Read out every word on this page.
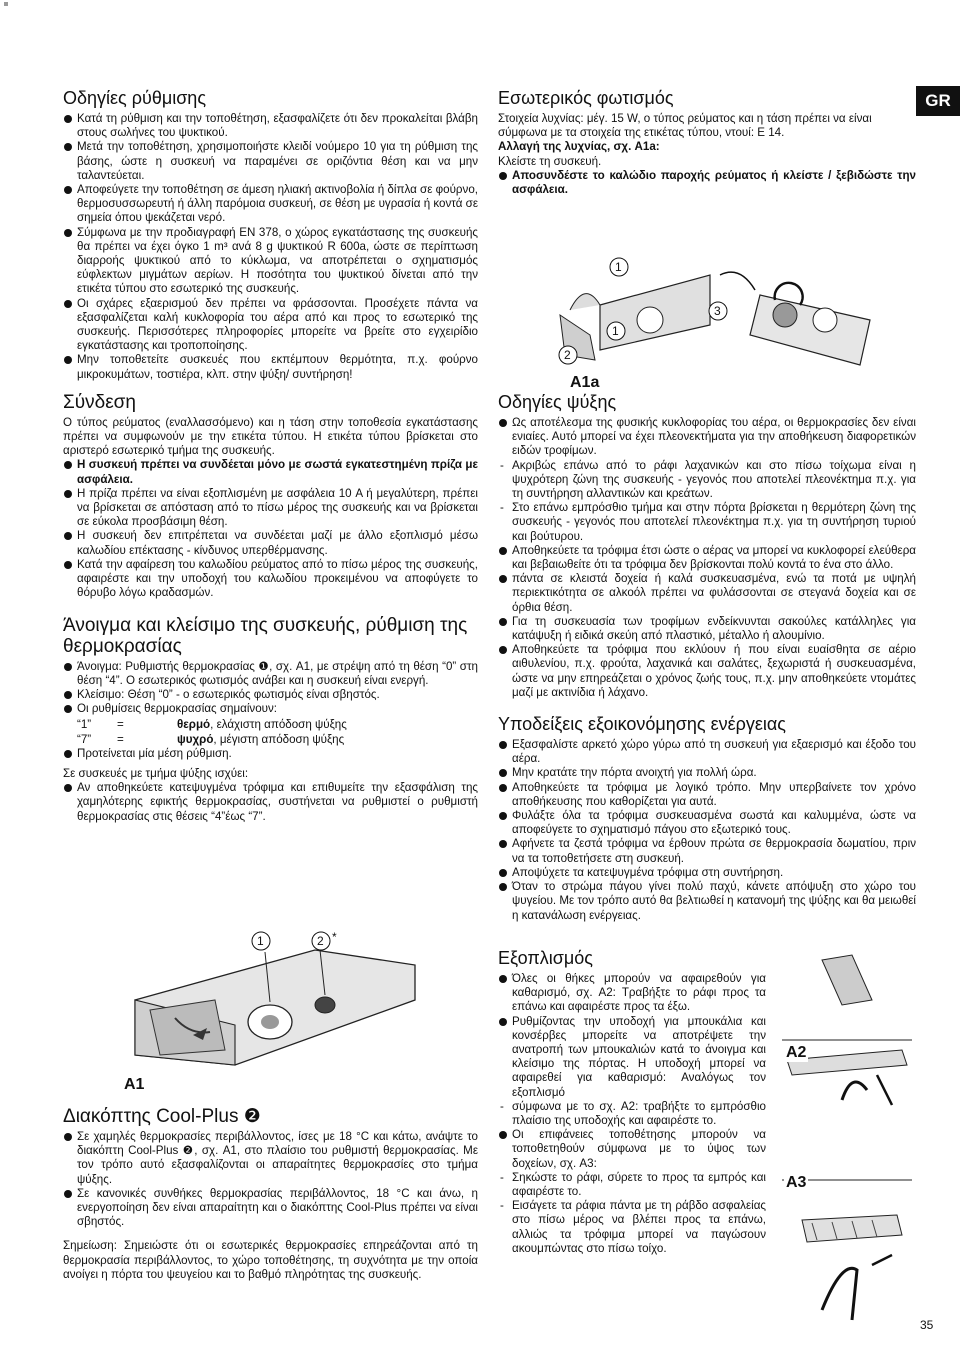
GR
Οδηγίες ρύθμισης
Κατά τη ρύθμιση και την τοποθέτηση, εξασφαλίζετε ότι δεν προκαλείται βλάβη στους σωλήνες του ψυκτικού.
Μετά την τοποθέτηση, χρησιμοποιήστε κλειδί νούμερο 10 για τη ρύθμιση της βάσης, ώστε η συσκευή να παραμένει σε οριζόντια θέση και να μην ταλαντεύεται.
Αποφεύγετε την τοποθέτηση σε άμεση ηλιακή ακτινοβολία ή δίπλα σε φούρνο, θερμοσυσσωρευτή ή άλλη παρόμοια συσκευή, σε θέση με υγρασία ή κοντά σε σημεία όπου ψεκάζεται νερό.
Σύμφωνα με την προδιαγραφή EN 378, ο χώρος εγκατάστασης της συσκευής θα πρέπει να έχει όγκο 1 m³ ανά 8 g ψυκτικού R 600a, ώστε σε περίπτωση διαρροής ψυκτικού από το κύκλωμα, να αποτρέπεται ο σχηματισμός εύφλεκτων μιγμάτων αερίων. Η ποσότητα του ψυκτικού δίνεται από την ετικέτα τύπου στο εσωτερικό της συσκευής.
Οι σχάρες εξαερισμού δεν πρέπει να φράσσονται. Προσέχετε πάντα να εξασφαλίζεται καλή κυκλοφορία του αέρα από και προς το εσωτερικό της συσκευής. Περισσότερες πληροφορίες μπορείτε να βρείτε στο εγχειρίδιο εγκατάστασης και τροποποίησης.
Μην τοποθετείτε συσκευές που εκπέμπουν θερμότητα, π.χ. φούρνο μικροκυμάτων, τοστιέρα, κλπ. στην ψύξη/ συντήρηση!
Σύνδεση

Ο τύπος ρεύματος (εναλλασσόμενο) και η τάση στην τοποθεσία εγκατάστασης πρέπει να συμφωνούν με την ετικέτα τύπου. Η ετικέτα τύπου βρίσκεται στο αριστερό εσωτερικό τμήμα της συσκευής.

Η συσκευή πρέπει να συνδέεται μόνο με σωστά εγκατεστημένη πρίζα με ασφάλεια.
Η πρίζα πρέπει να είναι εξοπλισμένη με ασφάλεια 10 A ή μεγαλύτερη, πρέπει να βρίσκεται σε απόσταση από το πίσω μέρος της συσκευής και να βρίσκεται σε εύκολα προσβάσιμη θέση.
Η συσκευή δεν επιτρέπεται να συνδέεται μαζί με άλλο εξοπλισμό μέσω καλωδίου επέκτασης - κίνδυνος υπερθέρμανσης.
Κατά την αφαίρεση του καλωδίου ρεύματος από το πίσω μέρος της συσκευής, αφαιρέστε και την υποδοχή του καλωδίου προκειμένου να αποφύγετε το θόρυβο λόγω κραδασμών.
Άνοιγμα και κλείσιμο της συσκευής, ρύθμιση της θερμοκρασίας
Άνοιγμα: Ρυθμιστής θερμοκρασίας ❶, σχ. A1, με στρέψη από τη θέση “0” στη θέση “4”. Ο εσωτερικός φωτισμός ανάβει και η συσκευή είναι ενεργή.
Κλείσιμο: Θέση “0” - ο εσωτερικός φωτισμός είναι σβηστός.
Οι ρυθμίσεις θερμοκρασίας σημαίνουν:
“1” =	θερμό, ελάχιστη απόδοση ψύξης
“7” =	ψυχρό, μέγιστη απόδοση ψύξης
Προτείνεται μία μέση ρύθμιση.

Σε συσκευές με τμήμα ψύξης ισχύει:

Αν αποθηκεύετε κατεψυγμένα τρόφιμα και επιθυμείτε την εξασφάλιση της χαμηλότερης εφικτής θερμοκρασίας, συστήνεται να ρυθμιστεί ο ρυθμιστή θερμοκρασίας στις θέσεις “4”έως “7”.
1	2 *
A1
Διακόπτης Cool-Plus ❷
Σε χαμηλές θερμοκρασίες περιβάλλοντος, ίσες με 18 °C και κάτω, ανάψτε το διακόπτη Cool-Plus ❷, σχ. A1, στο πλαίσιο του ρυθμιστή θερμοκρασίας. Με τον τρόπο αυτό εξασφαλίζονται οι απαραίτητες θερμοκρασίες στο τμήμα ψύξης.
Σε κανονικές συνθήκες θερμοκρασίας περιβάλλοντος, 18 °C και άνω, η ενεργοποίηση δεν είναι απαραίτητη και ο διακόπτης Cool-Plus πρέπει να είναι σβηστός.

Σημείωση: Σημειώστε ότι οι εσωτερικές θερμοκρασίες επηρεάζονται από τη θερμοκρασία περιβάλλοντος, το χώρο τοποθέτησης, τη συχνότητα με την οποία ανοίγει η πόρτα του ψευγείου και το βαθμό πληρότητας της συσκευής.

Εσωτερικός φωτισμός

Στοιχεία λυχνίας: μέγ. 15 W, ο τύπος ρεύματος και η τάση πρέπει να είναι σύμφωνα με τα στοιχεία της ετικέτας τύπου, ντουί: E 14.

Αλλαγή της λυχνίας, σχ. A1a:

Κλείστε τη συσκευή.

Αποσυνδέστε το καλώδιο παροχής ρεύματος ή κλείστε / ξεβιδώστε την ασφάλεια.
1
1
2
3
A1a
Οδηγίες ψύξης
Ως αποτέλεσμα της φυσικής κυκλοφορίας του αέρα, οι θερμοκρασίες δεν είναι ενιαίες. Αυτό μπορεί να έχει πλεονεκτήματα για την αποθήκευση διαφορετικών ειδών τροφίμων.
- Ακριβώς επάνω από το ράφι λαχανικών και στο πίσω τοίχωμα είναι η ψυχρότερη ζώνη της συσκευής - γεγονός που αποτελεί πλεονέκτημα π.χ. για τη συντήρηση αλλαντικών και κρεάτων.
- Στο επάνω εμπρόσθιο τμήμα και στην πόρτα βρίσκεται η θερμότερη ζώνη της συσκευής - γεγονός που αποτελεί πλεονέκτημα π.χ. για τη συντήρηση τυριού και βούτυρου.
Αποθηκεύετε τα τρόφιμα έτσι ώστε ο αέρας να μπορεί να κυκλοφορεί ελεύθερα και βεβαιωθείτε ότι τα τρόφιμα δεν βρίσκονται πολύ κοντά το ένα στο άλλο.
πάντα σε κλειστά δοχεία ή καλά συσκευασμένα, ενώ τα ποτά με υψηλή περιεκτικότητα σε αλκοόλ πρέπει να φυλάσσονται σε στεγανά δοχεία και σε όρθια θέση.
Για τη συσκευασία των τροφίμων ενδείκνυνται σακούλες κατάλληλες για κατάψυξη ή ειδικά σκεύη από πλαστικό, μέταλλο ή αλουμίνιο.
Αποθηκεύετε τα τρόφιμα που εκλύουν ή που είναι ευαίσθητα σε αέριο αιθυλενίου, π.χ. φρούτα, λαχανικά και σαλάτες, ξεχωριστά ή συσκευασμένα, ώστε να μην επηρεάζεται ο χρόνος ζωής τους, π.χ. μην αποθηκεύετε ντομάτες μαζί με ακτινίδια ή λάχανο.
Υποδείξεις εξοικονόμησης ενέργειας
Εξασφαλίστε αρκετό χώρο γύρω από τη συσκευή για εξαερισμό και έξοδο του αέρα.
Μην κρατάτε την πόρτα ανοιχτή για πολλή ώρα.
Αποθηκεύετε τα τρόφιμα με λογικό τρόπο. Μην υπερβαίνετε τον χρόνο αποθήκευσης που καθορίζεται για αυτά.
Φυλάξτε όλα τα τρόφιμα συσκευασμένα σωστά και καλυμμένα, ώστε να αποφεύγετε το σχηματισμό πάγου στο εξωτερικό τους.
Αφήνετε τα ζεστά τρόφιμα να έρθουν πρώτα σε θερμοκρασία δωματίου, πριν να τα τοποθετήσετε στη συσκευή.
Αποψύχετε τα κατεψυγμένα τρόφιμα στη συντήρηση.
Όταν το στρώμα πάγου γίνει πολύ παχύ, κάνετε απόψυξη στο χώρο του ψυγείου. Με τον τρόπο αυτό θα βελτιωθεί η κατανομή της ψύξης και θα μειωθεί η κατανάλωση ενέργειας.
Εξοπλισμός
Όλες οι θήκες μπορούν να αφαιρεθούν για καθαρισμό, σχ. A2: Τραβήξτε το ράφι προς τα επάνω και αφαιρέστε προς τα έξω.
Ρυθμίζοντας την υποδοχή για μπουκάλια και κονσέρβες μπορείτε να αποτρέψετε την ανατροπή των μπουκαλιών κατά το άνοιγμα και κλείσιμο της πόρτας. Η υποδοχή μπορεί να αφαιρεθεί για καθαρισμό: Αναλόγως τον εξοπλισμό
- σύμφωνα με το σχ. A2: τραβήξτε το εμπρόσθιο πλαίσιο της υποδοχής και αφαιρέστε το.
Οι επιφάνειες τοποθέτησης μπορούν να τοποθετηθούν σύμφωνα με το ύψος των δοχείων, σχ. A3:
- Σηκώστε το ράφι, σύρετε το προς τα εμπρός και αφαιρέστε το.
- Εισάγετε τα ράφια πάντα με τη ράβδο ασφαλείας στο πίσω μέρος να βλέπει προς τα επάνω, αλλιώς τα τρόφιμα μπορεί να παγώσουν ακουμπώντας στο πίσω τοίχο.
A2
A3
35
